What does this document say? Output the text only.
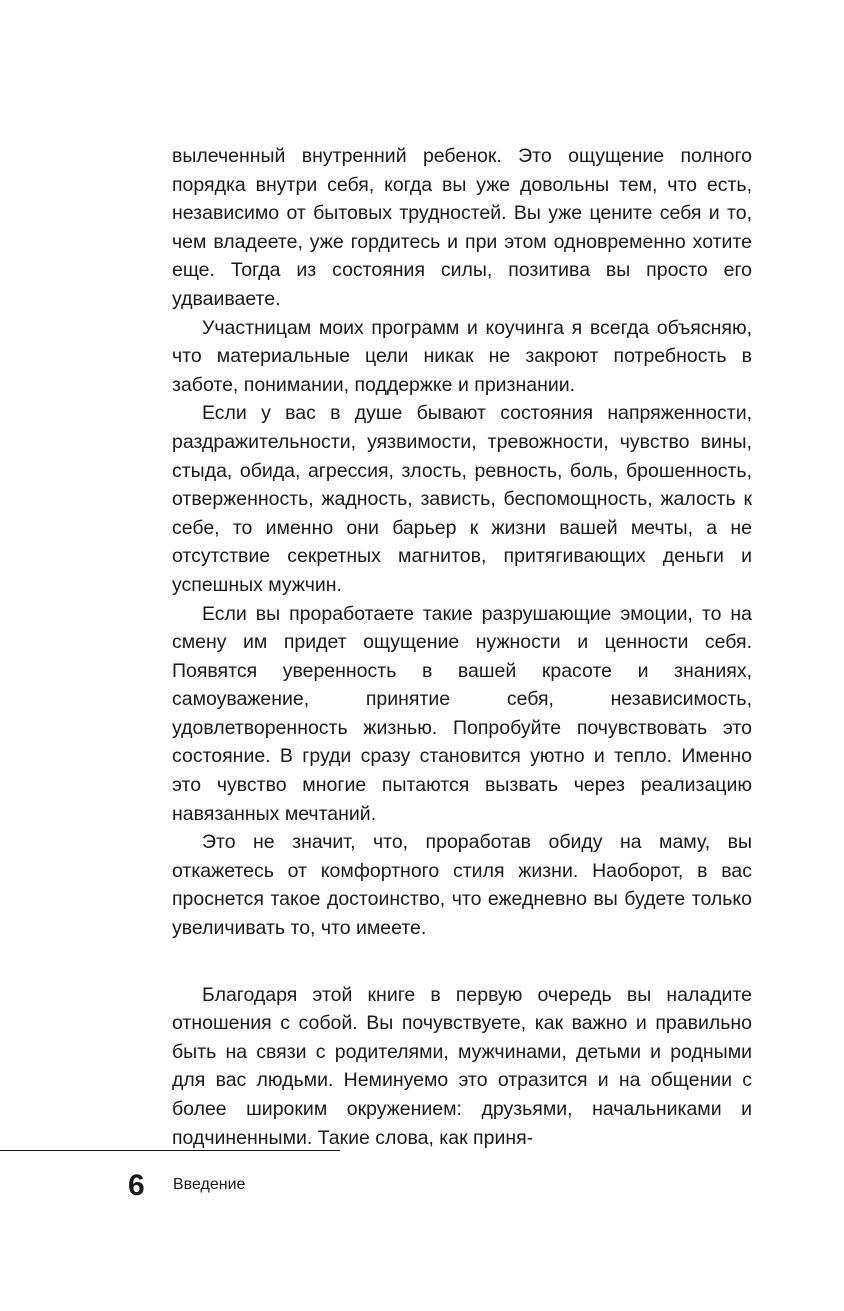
вылеченный внутренний ребенок. Это ощущение полного порядка внутри себя, когда вы уже довольны тем, что есть, независимо от бытовых трудностей. Вы уже цените себя и то, чем владеете, уже гордитесь и при этом одновременно хотите еще. Тогда из состояния силы, позитива вы просто его удваиваете.

Участницам моих программ и коучинга я всегда объясняю, что материальные цели никак не закроют потребность в заботе, понимании, поддержке и признании.

Если у вас в душе бывают состояния напряженности, раздражительности, уязвимости, тревожности, чувство вины, стыда, обида, агрессия, злость, ревность, боль, брошенность, отверженность, жадность, зависть, беспомощность, жалость к себе, то именно они барьер к жизни вашей мечты, а не отсутствие секретных магнитов, притягивающих деньги и успешных мужчин.

Если вы проработаете такие разрушающие эмоции, то на смену им придет ощущение нужности и ценности себя. Появятся уверенность в вашей красоте и знаниях, самоуважение, принятие себя, независимость, удовлетворенность жизнью. Попробуйте почувствовать это состояние. В груди сразу становится уютно и тепло. Именно это чувство многие пытаются вызвать через реализацию навязанных мечтаний.

Это не значит, что, проработав обиду на маму, вы откажетесь от комфортного стиля жизни. Наоборот, в вас проснется такое достоинство, что ежедневно вы будете только увеличивать то, что имеете.

Благодаря этой книге в первую очередь вы наладите отношения с собой. Вы почувствуете, как важно и правильно быть на связи с родителями, мужчинами, детьми и родными для вас людьми. Неминуемо это отразится и на общении с более широким окружением: друзьями, начальниками и подчиненными. Такие слова, как приня-

6 Введение
